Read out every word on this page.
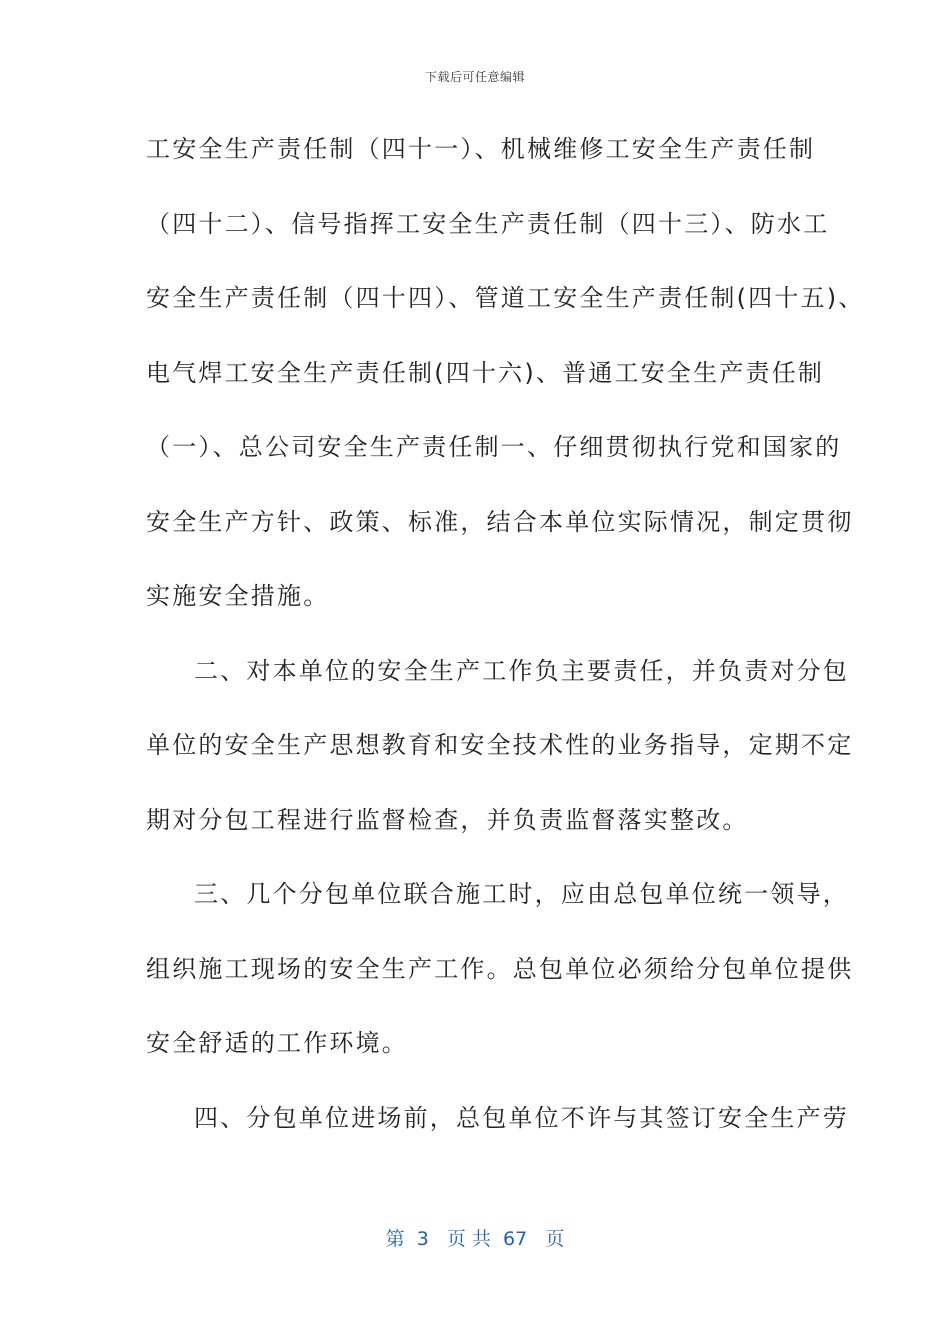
下载后可任意编辑
工安全生产责任制（四十一）、机械维修工安全生产责任制
（四十二）、信号指挥工安全生产责任制（四十三）、防水工
安全生产责任制（四十四）、管道工安全生产责任制(四十五)、
电气焊工安全生产责任制(四十六)、普通工安全生产责任制
（一）、总公司安全生产责任制一、仔细贯彻执行党和国家的
安全生产方针、政策、标准，结合本单位实际情况，制定贯彻
实施安全措施。
二、对本单位的安全生产工作负主要责任，并负责对分包
单位的安全生产思想教育和安全技术性的业务指导，定期不定
期对分包工程进行监督检查，并负责监督落实整改。
三、几个分包单位联合施工时，应由总包单位统一领导，
组织施工现场的安全生产工作。总包单位必须给分包单位提供
安全舒适的工作环境。
四、分包单位进场前，总包单位不许与其签订安全生产劳
第  3   页 共  67   页
